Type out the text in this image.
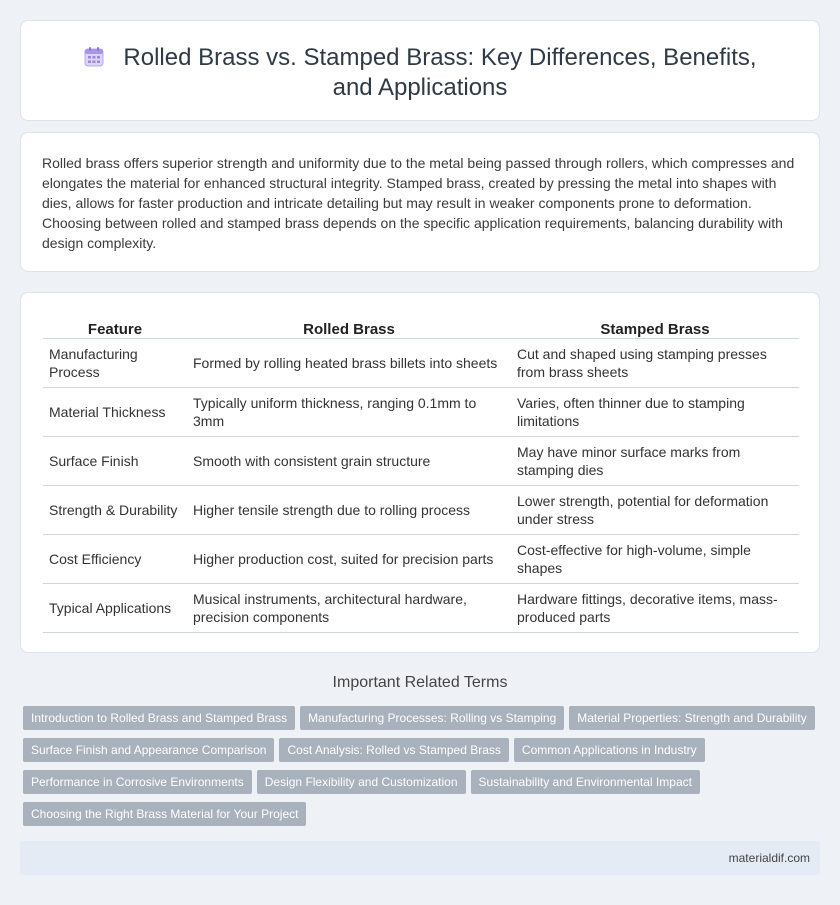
Rolled Brass vs. Stamped Brass: Key Differences, Benefits, and Applications

Rolled brass offers superior strength and uniformity due to the metal being passed through rollers, which compresses and elongates the material for enhanced structural integrity. Stamped brass, created by pressing the metal into shapes with dies, allows for faster production and intricate detailing but may result in weaker components prone to deformation. Choosing between rolled and stamped brass depends on the specific application requirements, balancing durability with design complexity.

Feature	Rolled Brass	Stamped Brass
Manufacturing Process	Formed by rolling heated brass billets into sheets	Cut and shaped using stamping presses from brass sheets
Material Thickness	Typically uniform thickness, ranging 0.1mm to 3mm	Varies, often thinner due to stamping limitations
Surface Finish	Smooth with consistent grain structure	May have minor surface marks from stamping dies
Strength & Durability	Higher tensile strength due to rolling process	Lower strength, potential for deformation under stress
Cost Efficiency	Higher production cost, suited for precision parts	Cost-effective for high-volume, simple shapes
Typical Applications	Musical instruments, architectural hardware, precision components	Hardware fittings, decorative items, mass-produced parts
Important Related Terms
Introduction to Rolled Brass and Stamped Brass Manufacturing Processes: Rolling vs Stamping Material Properties: Strength and Durability
Surface Finish and Appearance Comparison Cost Analysis: Rolled vs Stamped Brass Common Applications in Industry
Performance in Corrosive Environments Design Flexibility and Customization Sustainability and Environmental Impact
Choosing the Right Brass Material for Your Project
materialdif.com
